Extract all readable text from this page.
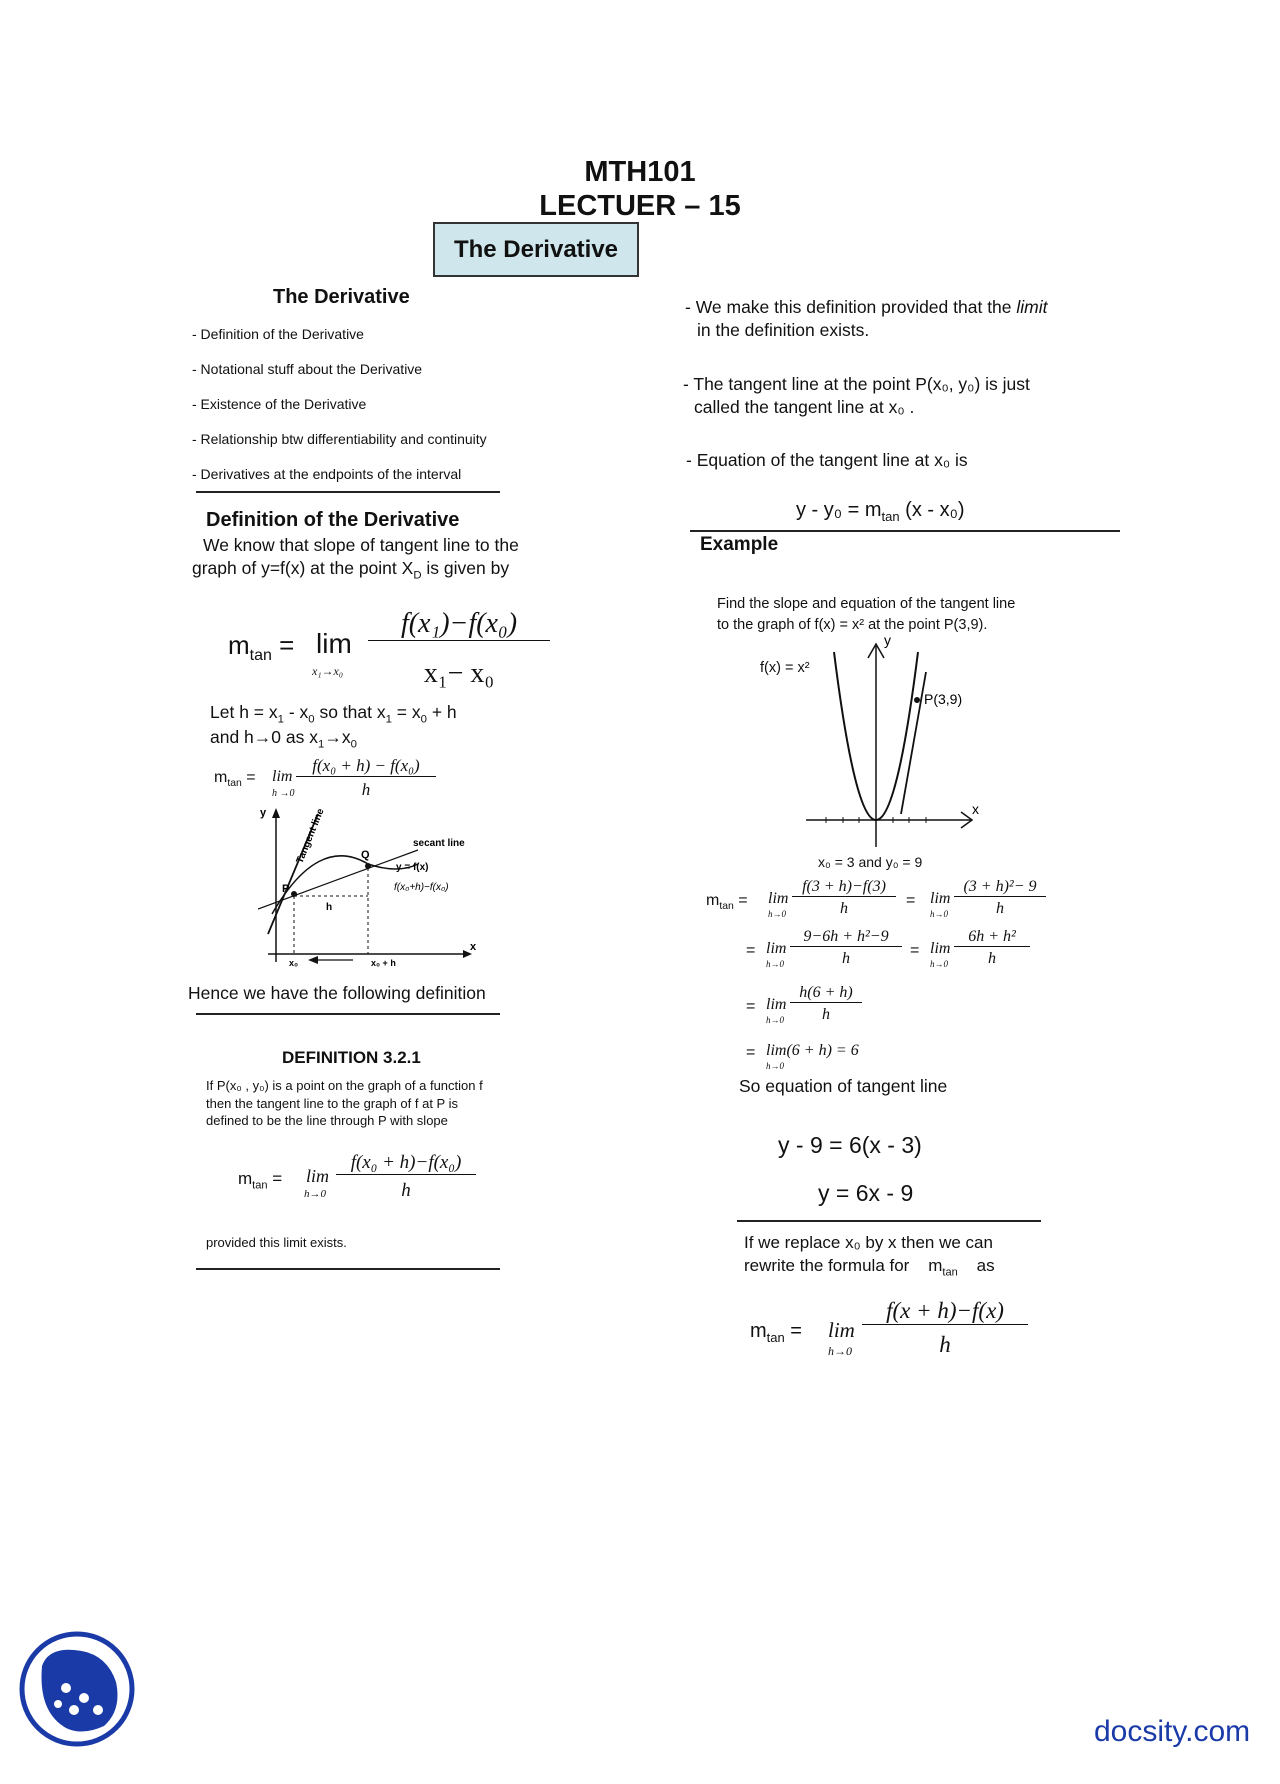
MTH101
LECTUER – 15
The Derivative
The Derivative
- Definition of the Derivative
- Notational stuff about the Derivative
- Existence of the Derivative
- Relationship btw differentiability and continuity
- Derivatives at the endpoints of the interval
Definition of the Derivative
We know that slope of tangent line to the
graph of y=f(x) at the point $X_D$ is given by
$m_{tan} = \lim$
x₁→x₀
f(x₁)−f(x₀)
x₁− x₀
Let $h = x_1 - x_0$ so that $x_1 = x_0 + h$
and h→0 as $x_1\to x_0$
$m_{tan} = \lim$
h →0
f(x₀ + h) − f(x₀)
h
y
x
Tangent line	secant line
Q
P
y = f(x)
h
f(x₀+h)−f(x₀)
x₀	x₀ + h
Hence we have the following definition
DEFINITION 3.2.1
If P(x₀ , y₀) is a point on the graph of a function f
then the tangent line to the graph of f at P is
defined to be the line through P with slope
$m_{tan} = \lim$
h→0
f(x₀ + h)−f(x₀)
h
provided this limit exists.
- We make this definition provided that the limit
in the definition exists.
- The tangent line at the point P(x₀, y₀) is just
called the tangent line at x₀ .
- Equation of the tangent line at x₀ is
$y - y_0 = m_{tan}$ (x - x₀)
Example
Find the slope and equation of the tangent line
to the graph of f(x) = x² at the point P(3,9).
y
x
P(3,9)
f(x) = x²
x₀ = 3 and y₀ = 9
$m_{tan} = \lim$
h→0
f(3 + h)−f(3)
h	= lim
h→0
(3 + h)²− 9
h
= lim
h→0
9−6h + h²−9
h	= lim
h→0
6h + h²
h
= lim
h→0
h(6 + h)
h
= lim(6 + h) = 6
h→0
So equation of tangent line
y - 9 = 6(x - 3)
y = 6x - 9
If we replace x₀ by x then we can
rewrite the formula for    $m_{tan}$    as
$m_{tan} = \lim$
h→0
f(x + h)−f(x)
h
docsity.com
